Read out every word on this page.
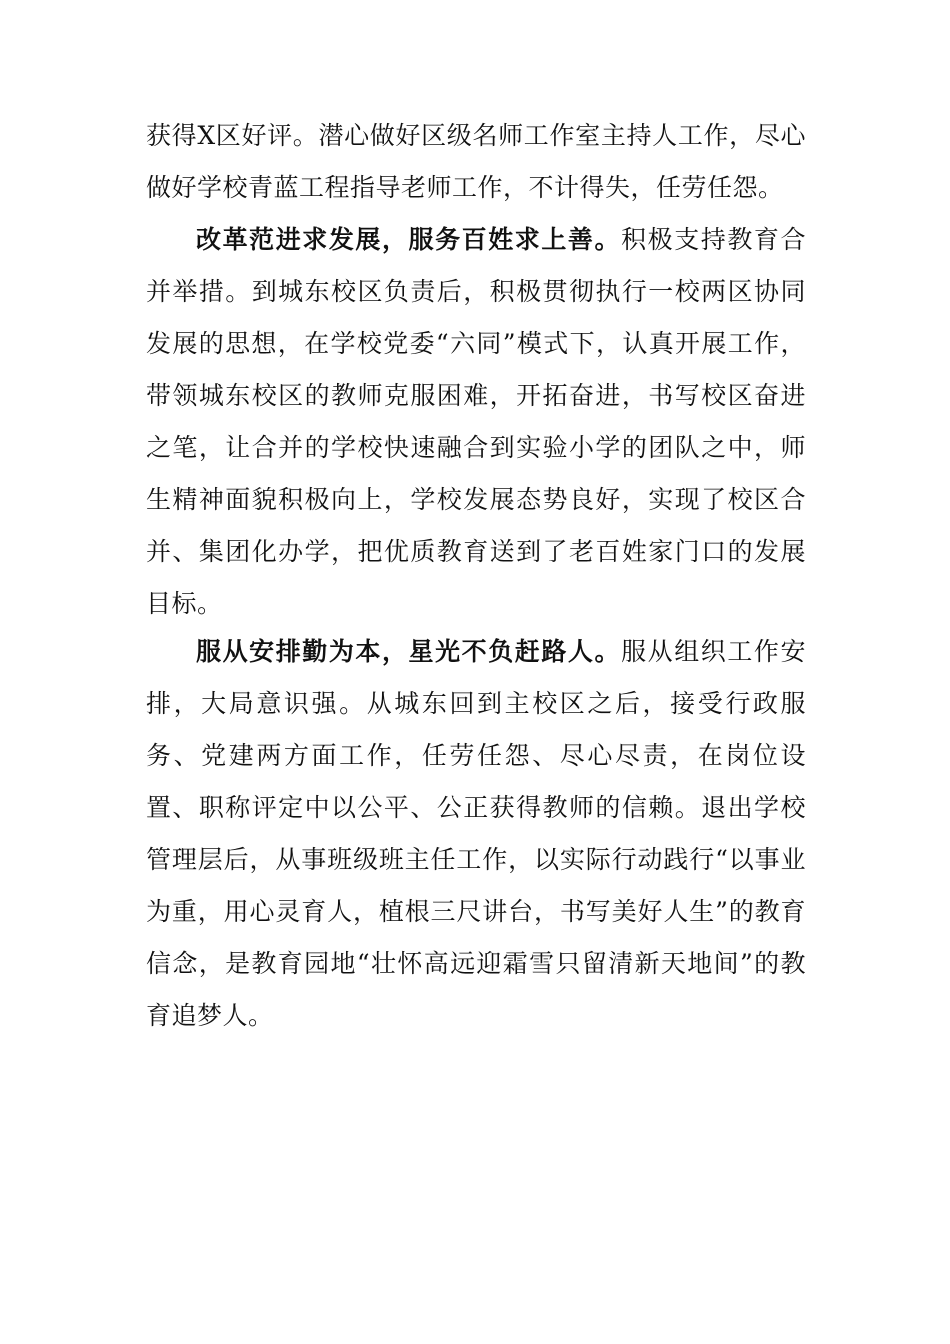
获得X区好评。潜心做好区级名师工作室主持人工作，尽心做好学校青蓝工程指导老师工作，不计得失，任劳任怨。

改革范进求发展，服务百姓求上善。积极支持教育合并举措。到城东校区负责后，积极贯彻执行一校两区协同发展的思想，在学校党委“六同”模式下，认真开展工作，带领城东校区的教师克服困难，开拓奋进，书写校区奋进之笔，让合并的学校快速融合到实验小学的团队之中，师生精神面貌积极向上，学校发展态势良好，实现了校区合并、集团化办学，把优质教育送到了老百姓家门口的发展目标。

服从安排勤为本，星光不负赶路人。服从组织工作安排，大局意识强。从城东回到主校区之后，接受行政服务、党建两方面工作，任劳任怨、尽心尽责，在岗位设置、职称评定中以公平、公正获得教师的信赖。退出学校管理层后，从事班级班主任工作，以实际行动践行“以事业为重，用心灵育人，植根三尺讲台，书写美好人生”的教育信念，是教育园地“壮怀高远迎霜雪只留清新天地间”的教育追梦人。
